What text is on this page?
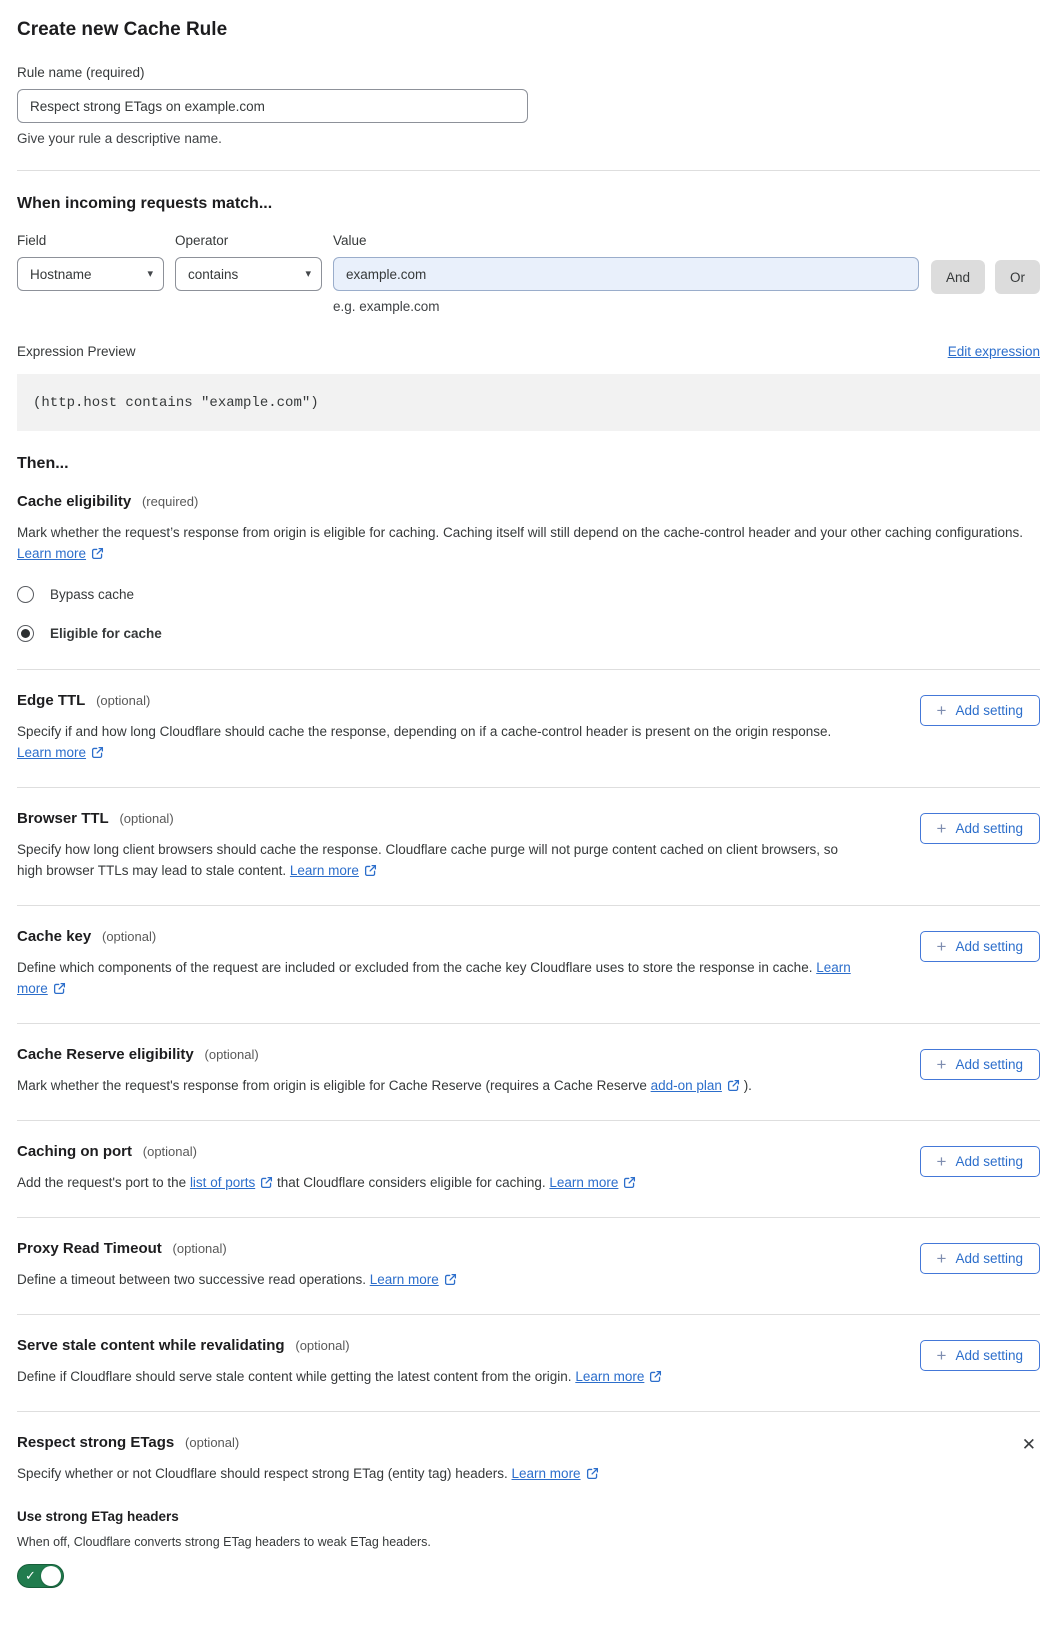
Create new Cache Rule
Rule name (required)
Respect strong ETags on example.com
Give your rule a descriptive name.
When incoming requests match...
Field
Hostname	▾
Operator
contains	▾
Value
example.com
e.g. example.com
And	Or
Expression Preview	Edit expression
(http.host contains "example.com")
Then...
Cache eligibility (required)

Mark whether the request’s response from origin is eligible for caching. Caching itself will still depend on the cache-control header and your other caching configurations. Learn more

Bypass cache
Eligible for cache
Edge TTL (optional)

Specify if and how long Cloudflare should cache the response, depending on if a cache-control header is present on the origin response. Learn more

+ Add setting
Browser TTL (optional)

Specify how long client browsers should cache the response. Cloudflare cache purge will not purge content cached on client browsers, so high browser TTLs may lead to stale content. Learn more

+ Add setting
Cache key (optional)

Define which components of the request are included or excluded from the cache key Cloudflare uses to store the response in cache. Learn more

+ Add setting
Cache Reserve eligibility (optional)

Mark whether the request's response from origin is eligible for Cache Reserve (requires a Cache Reserve add-on plan ).

+ Add setting
Caching on port (optional)

Add the request's port to the list of ports that Cloudflare considers eligible for caching. Learn more

+ Add setting
Proxy Read Timeout (optional)

Define a timeout between two successive read operations. Learn more

+ Add setting
Serve stale content while revalidating (optional)

Define if Cloudflare should serve stale content while getting the latest content from the origin. Learn more

+ Add setting
Respect strong ETags (optional)

Specify whether or not Cloudflare should respect strong ETag (entity tag) headers. Learn more

Use strong ETag headers

When off, Cloudflare converts strong ETag headers to weak ETag headers.

✓
✕
